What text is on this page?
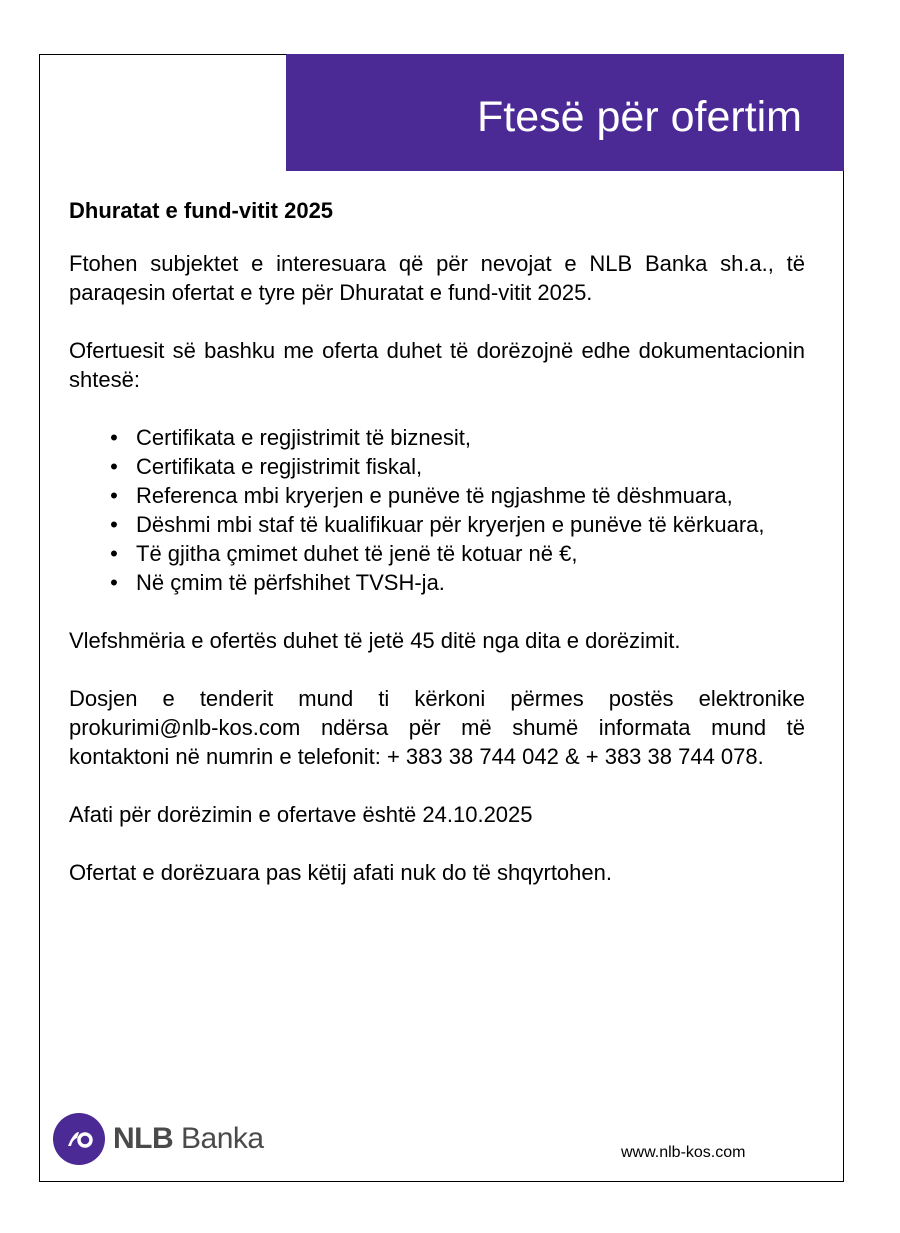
Ftesë për ofertim
Dhuratat e fund-vitit 2025

Ftohen subjektet e interesuara që për nevojat e NLB Banka sh.a., të paraqesin ofertat e tyre për Dhuratat e fund-vitit 2025.

Ofertuesit së bashku me oferta duhet të dorëzojnë edhe dokumentacionin shtesë:

• Certifikata e regjistrimit të biznesit,
• Certifikata e regjistrimit fiskal,
• Referenca mbi kryerjen e punëve të ngjashme të dëshmuara,
• Dëshmi mbi staf të kualifikuar për kryerjen e punëve të kërkuara,
• Të gjitha çmimet duhet të jenë të kotuar në €,
• Në çmim të përfshihet TVSH-ja.

Vlefshmëria e ofertës duhet të jetë 45 ditë nga dita e dorëzimit.

Dosjen e tenderit mund ti kërkoni përmes postës elektronike prokurimi@nlb-kos.com ndërsa për më shumë informata mund të kontaktoni në numrin e telefonit: + 383 38 744 042 & + 383 38 744 078.

Afati për dorëzimin e ofertave është 24.10.2025

Ofertat e dorëzuara pas këtij afati nuk do të shqyrtohen.

NLB Banka	www.nlb-kos.com
